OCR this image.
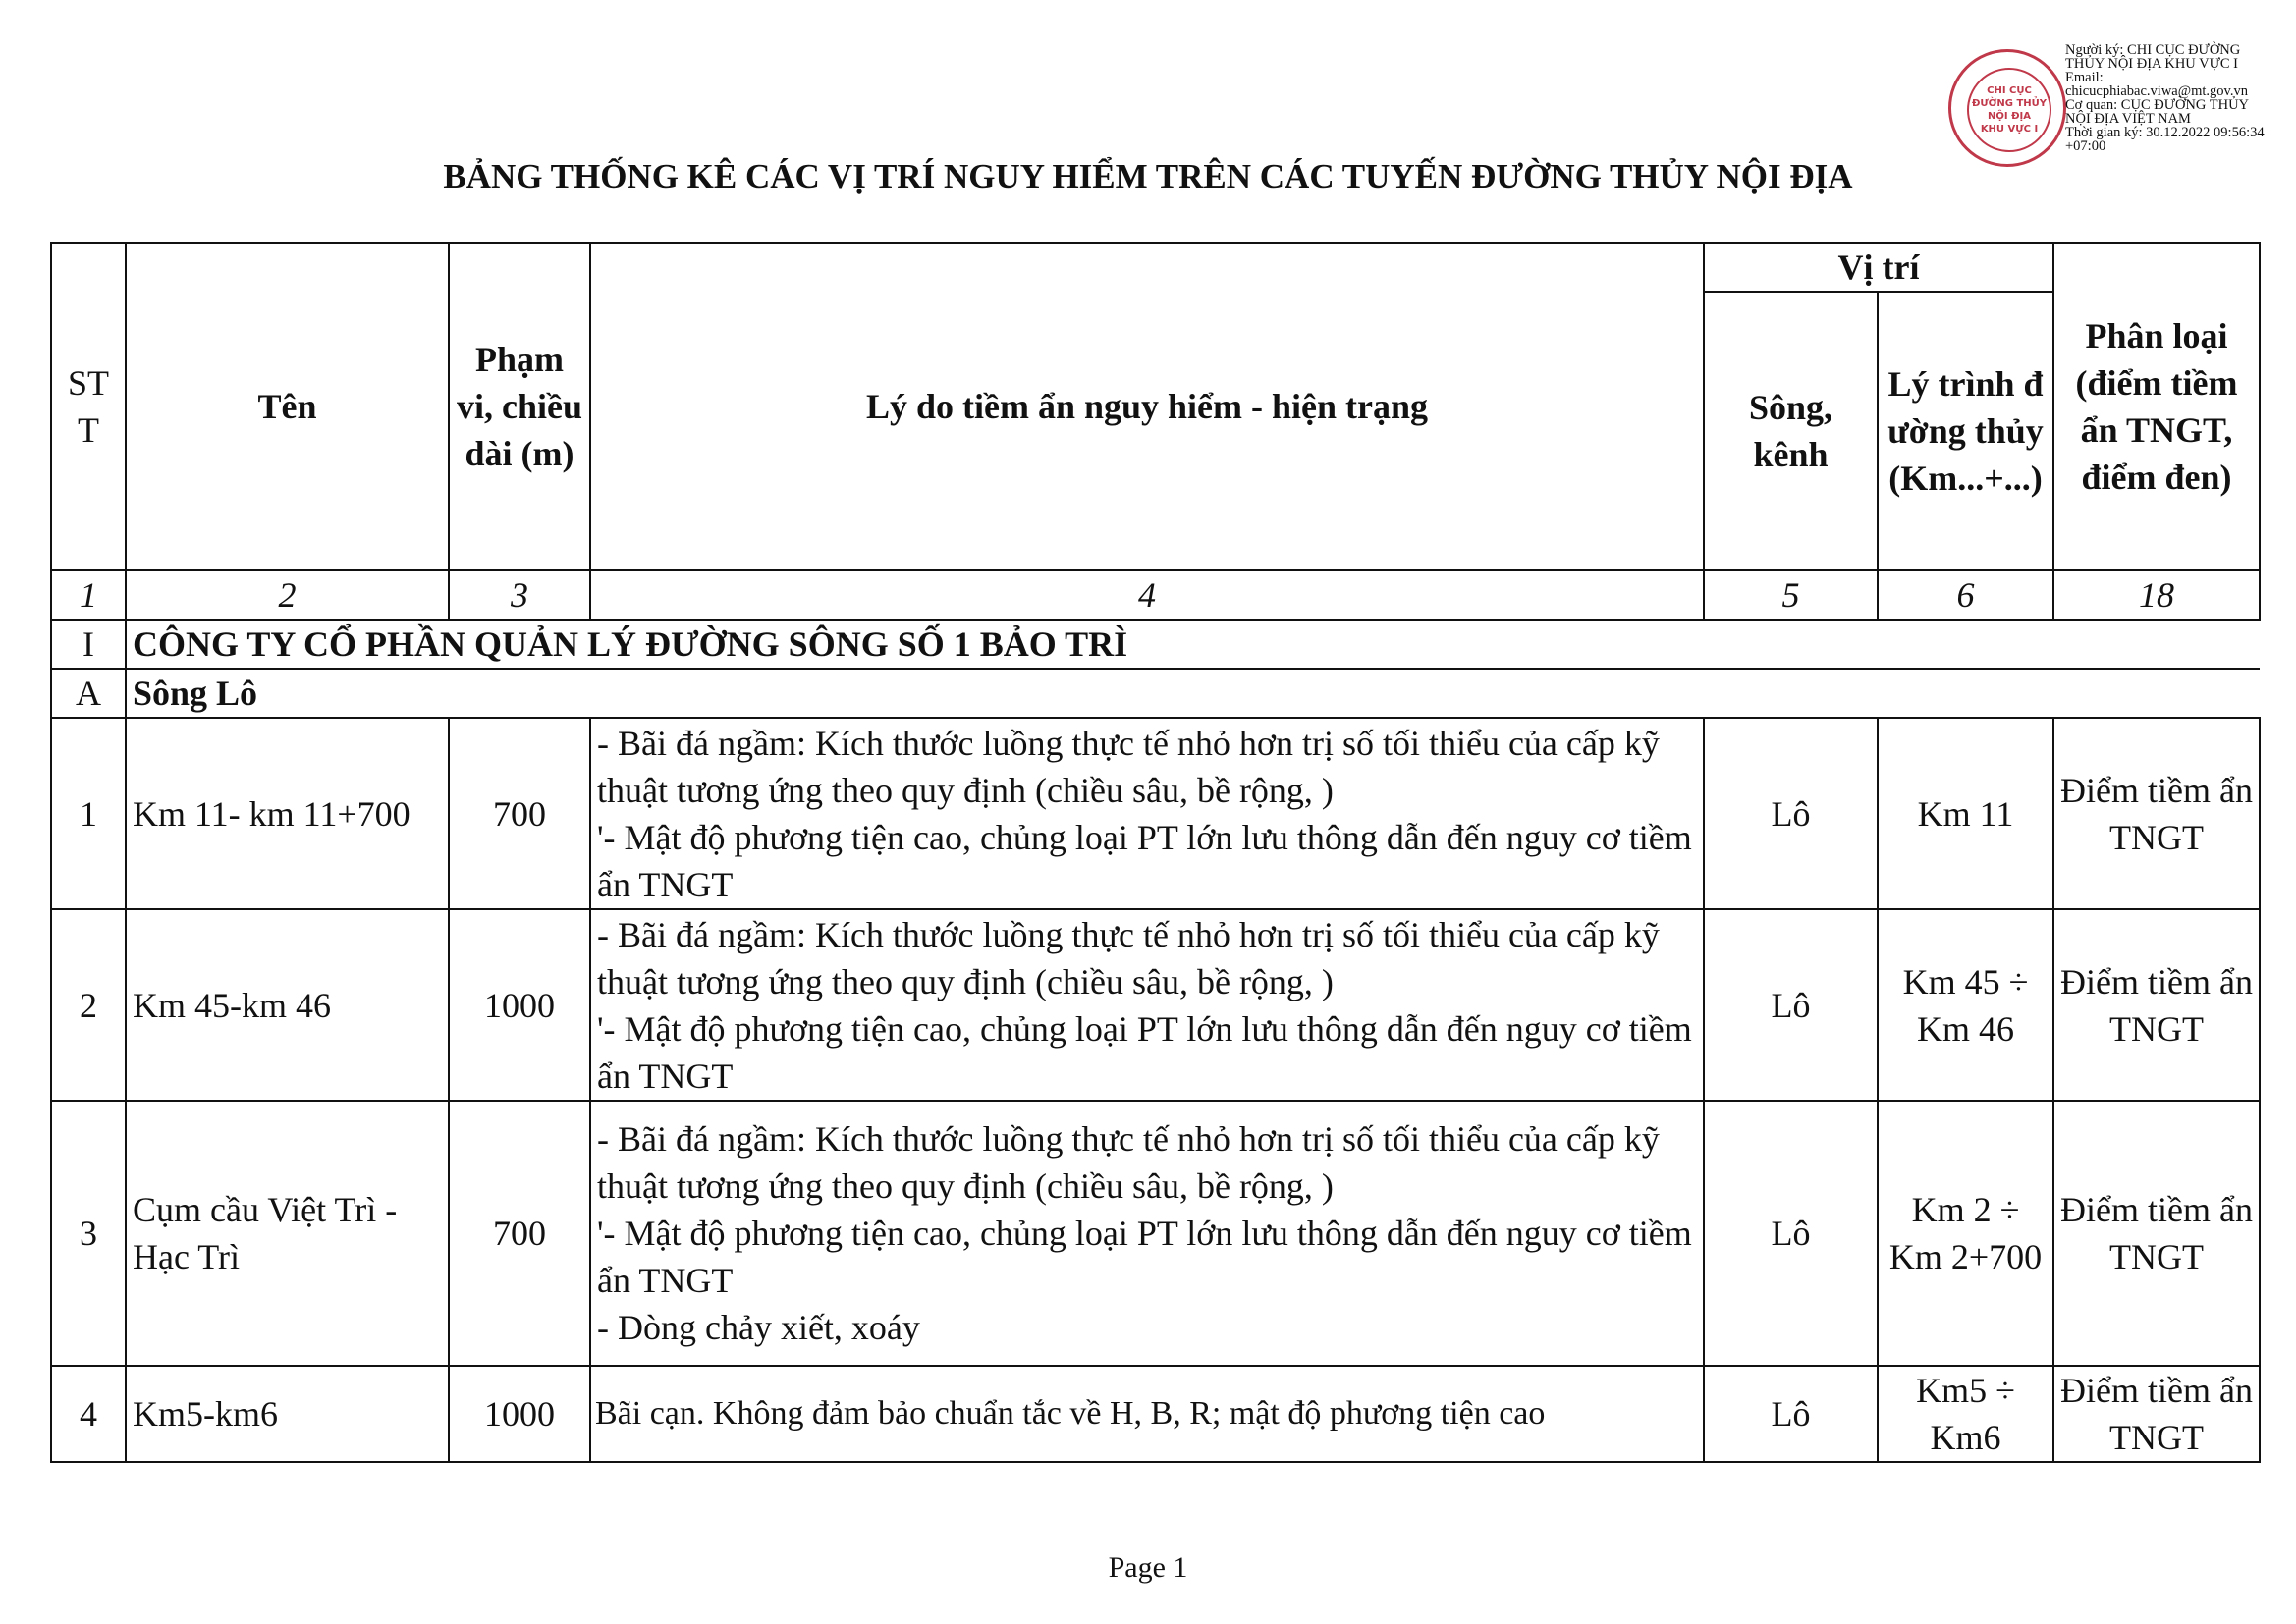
CHI CỤC
ĐƯỜNG THỦY
NỘI ĐỊA
KHU VỰC I
Người ký: CHI CỤC ĐƯỜNG
THỦY NỘI ĐỊA KHU VỰC I
Email:
chicucphiabac.viwa@mt.gov.vn
Cơ quan: CỤC ĐƯỜNG THỦY
NỘI ĐỊA VIỆT NAM
Thời gian ký: 30.12.2022 09:56:34
+07:00
BẢNG THỐNG KÊ CÁC VỊ TRÍ NGUY HIỂM TRÊN CÁC TUYẾN ĐƯỜNG THỦY NỘI ĐỊA
STT	Tên	Phạm vi, chiều dài (m)	Lý do tiềm ẩn nguy hiểm - hiện trạng	Vị trí		Phân loại (điểm tiềm ẩn TNGT, điểm đen)
				Sông, kênh	Lý trình đường thủy (Km...+...)	
1	2	3	4	5	6	18
I	CÔNG TY CỔ PHẦN QUẢN LÝ ĐƯỜNG SÔNG SỐ 1 BẢO TRÌ					
A	Sông Lô					
1	Km 11- km 11+700	700	- Bãi đá ngầm: Kích thước luồng thực tế nhỏ hơn trị số tối thiểu của cấp kỹ thuật tương ứng theo quy định (chiều sâu, bề rộng, )
'- Mật độ phương tiện cao, chủng loại PT lớn lưu thông dẫn đến nguy cơ tiềm ẩn TNGT	Lô	Km 11	Điểm tiềm ẩn TNGT
2	Km 45-km 46	1000	- Bãi đá ngầm: Kích thước luồng thực tế nhỏ hơn trị số tối thiểu của cấp kỹ thuật tương ứng theo quy định (chiều sâu, bề rộng, )
'- Mật độ phương tiện cao, chủng loại PT lớn lưu thông dẫn đến nguy cơ tiềm ẩn TNGT	Lô	Km 45 ÷ Km 46	Điểm tiềm ẩn TNGT
3	Cụm cầu Việt Trì - Hạc Trì	700	- Bãi đá ngầm: Kích thước luồng thực tế nhỏ hơn trị số tối thiểu của cấp kỹ thuật tương ứng theo quy định (chiều sâu, bề rộng, )
'- Mật độ phương tiện cao, chủng loại PT lớn lưu thông dẫn đến nguy cơ tiềm ẩn TNGT
- Dòng chảy xiết, xoáy	Lô	Km 2 ÷ Km 2+700	Điểm tiềm ẩn TNGT
4	Km5-km6	1000	Bãi cạn. Không đảm bảo chuẩn tắc về H, B, R; mật độ phương tiện cao	Lô	Km5 ÷ Km6	Điểm tiềm ẩn TNGT
Page 1
